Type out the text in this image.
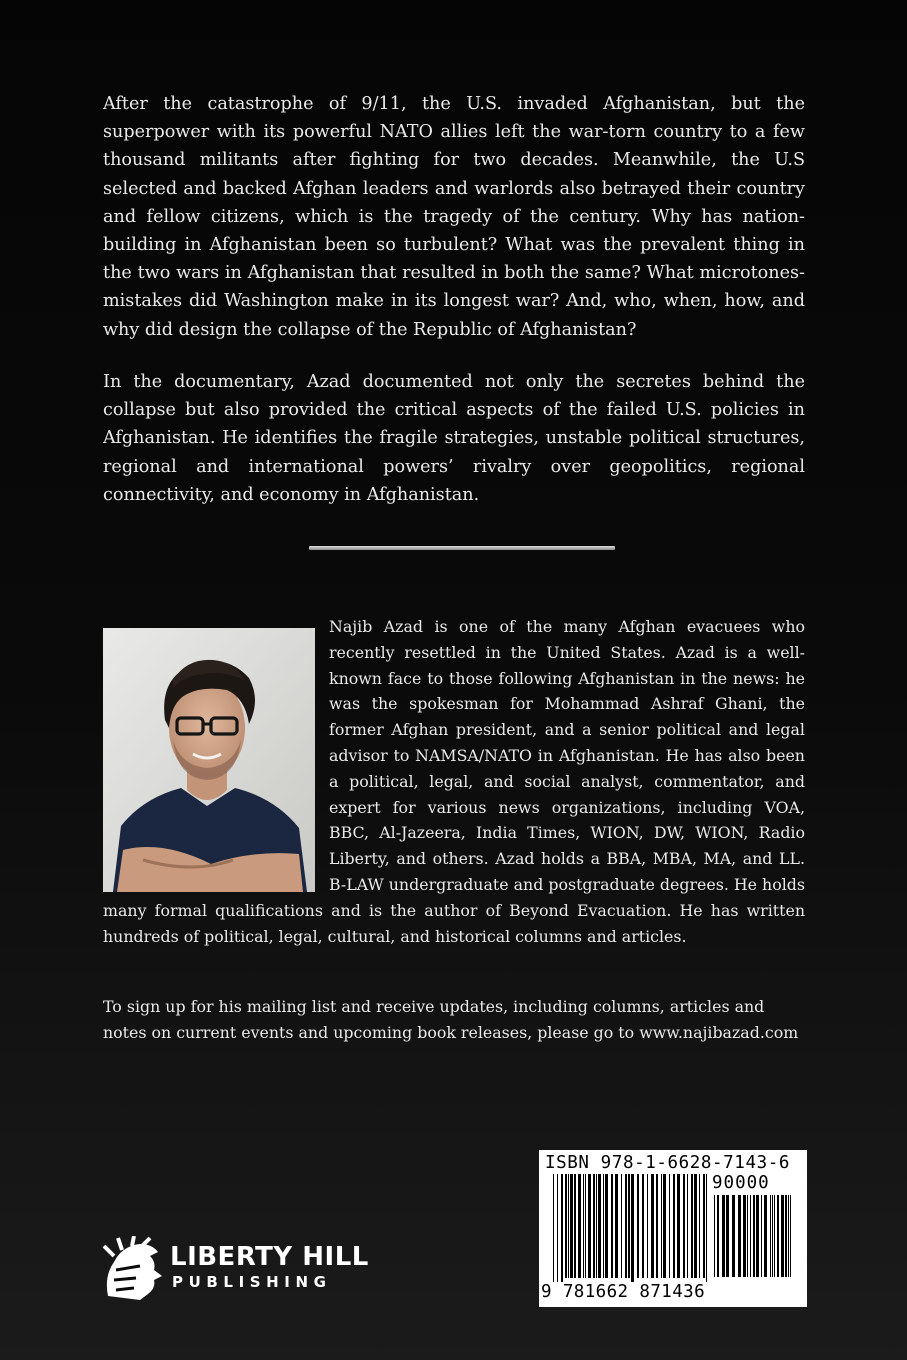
After the catastrophe of 9/11, the U.S. invaded Afghanistan, but the superpower with its powerful NATO allies left the war-torn country to a few thousand militants after fighting for two decades. Meanwhile, the U.S selected and backed Afghan leaders and warlords also betrayed their country and fellow citizens, which is the tragedy of the century. Why has nation-building in Afghanistan been so turbulent? What was the prevalent thing in the two wars in Afghanistan that resulted in both the same? What microtones-mistakes did Washington make in its longest war? And, who, when, how, and why did design the collapse of the Republic of Afghanistan?

In the documentary, Azad documented not only the secretes behind the collapse but also provided the critical aspects of the failed U.S. policies in Afghanistan. He identifies the fragile strategies, unstable political structures, regional and international powers’ rivalry over geopolitics, regional connectivity, and economy in Afghanistan.

Najib Azad is one of the many Afghan evacuees who recently resettled in the United States. Azad is a well-known face to those following Afghanistan in the news: he was the spokesman for Mohammad Ashraf Ghani, the former Afghan president, and a senior political and legal advisor to NAMSA/NATO in Afghanistan. He has also been a political, legal, and social analyst, commentator, and expert for various news organizations, including VOA, BBC, Al-Jazeera, India Times, WION, DW, WION, Radio Liberty, and others. Azad holds a BBA, MBA, MA, and LL. B-LAW undergraduate and postgraduate degrees. He holds many formal qualifications and is the author of Beyond Evacuation. He has written hundreds of political, legal, cultural, and historical columns and articles.

To sign up for his mailing list and receive updates, including columns, articles and notes on current events and upcoming book releases, please go to www.najibazad.com

LIBERTY HILL
PUBLISHING
ISBN 978-1-6628-7143-6
90000
9 781662 871436
